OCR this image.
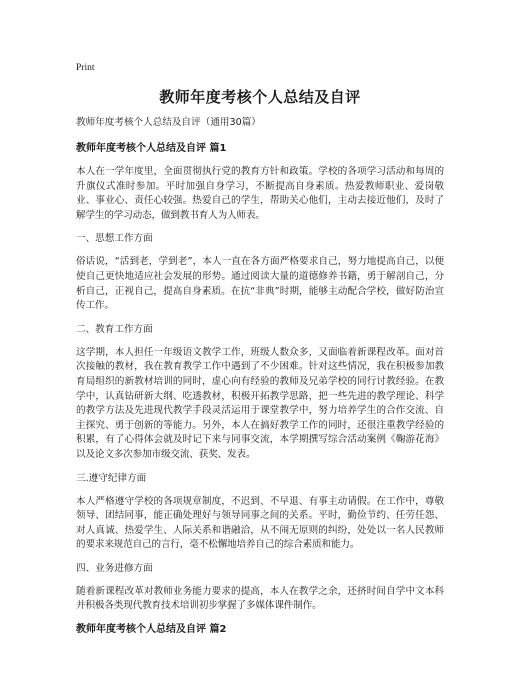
Print
教师年度考核个人总结及自评
教师年度考核个人总结及自评（通用30篇）
教师年度考核个人总结及自评 篇1
本人在一学年度里，全面贯彻执行党的教育方针和政策。学校的各项学习活动和每周的升旗仪式准时参加。平时加强自身学习，不断提高自身素质。热爱教师职业、爱岗敬业、事业心、责任心较强。热爱自己的学生，帮助关心他们，主动去接近他们，及时了解学生的学习动态，做到教书育人为人师表。
一、思想工作方面
俗话说，“活到老，学到老”，本人一直在各方面严格要求自己，努力地提高自己，以便使自己更快地适应社会发展的形势。通过阅读大量的道德修养书籍，勇于解剖自己，分析自己，正视自己，提高自身素质。在抗“非典”时期，能够主动配合学校，做好防治宣传工作。
二、教育工作方面
这学期，本人担任一年级语文教学工作，班级人数众多，又面临着新课程改革。面对首次接触的教材，我在教育教学工作中遇到了不少困难。针对这些情况，我在积极参加教育局组织的新教材培训的同时，虚心向有经验的教师及兄弟学校的同行讨教经验。在教学中，认真钻研新大纲、吃透教材，积极开拓教学思路，把一些先进的教学理论、科学的教学方法及先进现代教学手段灵活运用于课堂教学中，努力培养学生的合作交流、自主探究、勇于创新的等能力。另外，本人在搞好教学工作的同时，还很注重教学经验的积累，有了心得体会就及时记下来与同事交流，本学期撰写综合活动案例《鞠游花海》以及论文多次参加市级交流、获奖、发表。
三.遵守纪律方面
本人严格遵守学校的各项规章制度，不迟到、不早退、有事主动请假。在工作中，尊敬领导、团结同事，能正确处理好与领导同事之间的关系。平时，勤俭节约、任劳任怨、对人真诚、热爱学生、人际关系和谐融洽，从不闹无原则的纠纷，处处以一名人民教师的要求来规范自己的言行，毫不松懈地培养自己的综合素质和能力。
四、业务进修方面
随着新课程改革对教师业务能力要求的提高，本人在教学之余，还挤时间自学中文本科并积极各类现代教育技术培训初步掌握了多媒体课件制作。
教师年度考核个人总结及自评 篇2
